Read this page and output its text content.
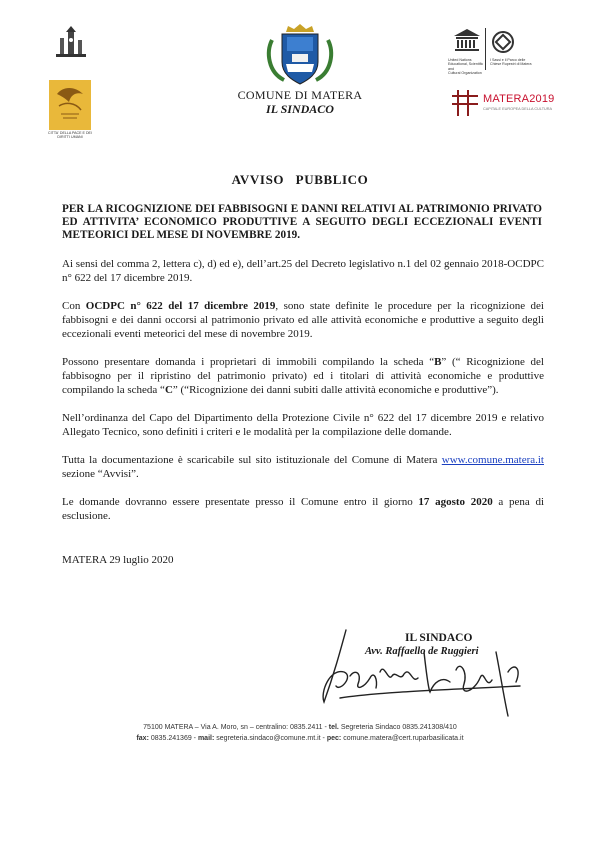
CITTA' DELLA PACE E DEI DIRITTI UMANI
COMUNE DI MATERA
IL SINDACO
United Nations
Educational, Scientific and
Cultural Organization
I Sassi e il Parco delle
Chiese Rupestri di Matera
MATERA2019
CAPITALE EUROPEA DELLA CULTURA
AVVISO   PUBBLICO
PER LA RICOGNIZIONE DEI FABBISOGNI E DANNI RELATIVI AL PATRIMONIO PRIVATO ED ATTIVITA’ ECONOMICO PRODUTTIVE A SEGUITO DEGLI ECCEZIONALI EVENTI METEORICI DEL MESE DI NOVEMBRE 2019.
Ai sensi del comma 2, lettera c), d) ed e), dell’art.25 del Decreto legislativo n.1 del 02 gennaio 2018-OCDPC n° 622 del 17 dicembre 2019.
Con OCDPC n° 622 del 17 dicembre 2019, sono state definite le procedure per la ricognizione dei fabbisogni e dei danni occorsi al patrimonio privato ed alle attività economiche e produttive a seguito degli eccezionali eventi meteorici del mese di novembre 2019.
Possono presentare domanda i proprietari di immobili compilando la scheda “B” (“ Ricognizione del fabbisogno per il ripristino del patrimonio privato) ed i titolari di attività economiche e produttive compilando la scheda “C” (“Ricognizione dei danni subiti dalle attività economiche e produttive”).
Nell’ordinanza del Capo del Dipartimento della Protezione Civile n° 622 del 17 dicembre 2019 e relativo Allegato Tecnico, sono definiti i criteri e le modalità per la compilazione delle domande.
Tutta la documentazione è scaricabile sul sito istituzionale del Comune di Matera www.comune.matera.it sezione “Avvisi”.
Le domande dovranno essere presentate presso il Comune entro il giorno 17 agosto 2020 a pena di esclusione.
MATERA 29 luglio 2020
IL SINDACO
Avv. Raffaello de Ruggieri
75100 MATERA – Via A. Moro, sn – centralino: 0835.2411 - tel. Segreteria Sindaco 0835.241308/410
fax: 0835.241369 - mail: segreteria.sindaco@comune.mt.it - pec: comune.matera@cert.ruparbasilicata.it
